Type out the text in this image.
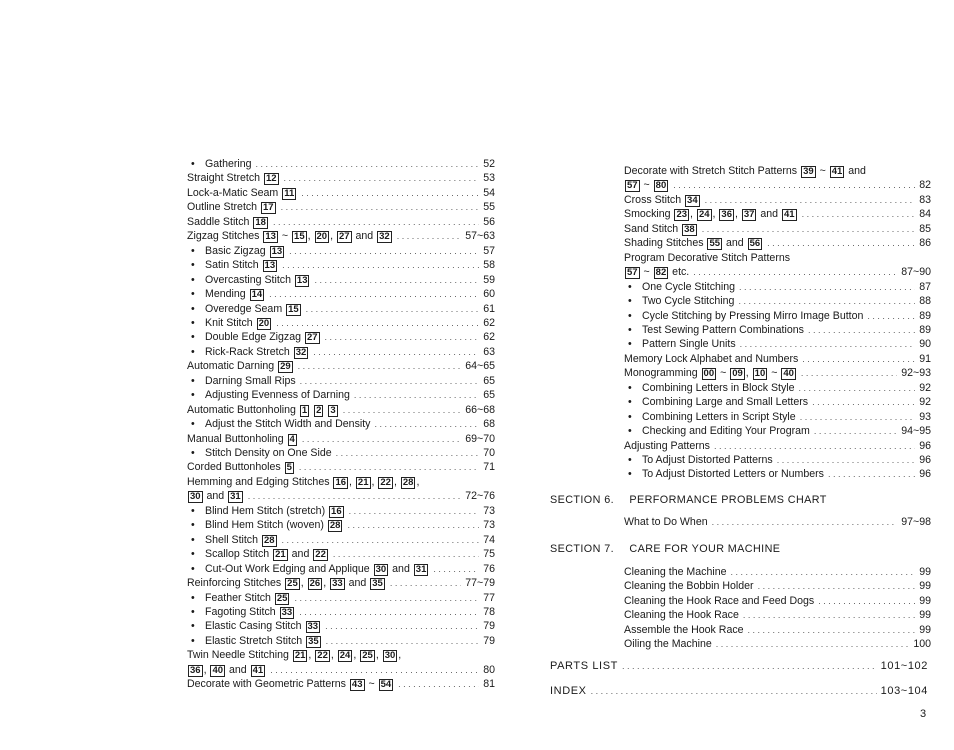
• Gathering . . .	52
Straight Stretch 12 . . .	53
Lock-a-Matic Seam 11 . . .	54
Outline Stretch 17 . . .	55
Saddle Stitch 18 . . .	56
Zigzag Stitches 13 ~ 15 , 20 , 27 and 32 . . .	57~63
• Basic Zigzag 13 . . .	57
• Satin Stitch 13 . . .	58
• Overcasting Stitch 13 . . .	59
• Mending 14 . . .	60
• Overedge Seam 15 . . .	61
• Knit Stitch 20 . . .	62
• Double Edge Zigzag 27 . . .	62
• Rick-Rack Stretch 32 . . .	63
Automatic Darning 29 . . .	64~65
• Darning Small Rips . . .	65
• Adjusting Evenness of Darning . . .	65
Automatic Buttonholing 1 2 3 . . .	66~68
• Adjust the Stitch Width and Density . . .	68
Manual Buttonholing 4 . . .	69~70
• Stitch Density on One Side . . .	70
Corded Buttonholes 5 . . .	71
Hemming and Edging Stitches 16 , 21 , 22 , 28 ,
30 and 31 . . .	72~76
• Blind Hem Stitch (stretch) 16 . . .	73
• Blind Hem Stitch (woven) 28 . . .	73
• Shell Stitch 28 . . .	74
• Scallop Stitch 21 and 22 . . .	75
• Cut-Out Work Edging and Applique 30 and 31 . . .	76
Reinforcing Stitches 25 , 26 , 33 and 35 . . .	77~79
• Feather Stitch 25 . . .	77
• Fagoting Stitch 33 . . .	78
• Elastic Casing Stitch 33 . . .	79
• Elastic Stretch Stitch 35 . . .	79
Twin Needle Stitching 21 , 22 , 24 , 25 , 30 ,
36 , 40 and 41 . . .	80
Decorate with Geometric Patterns 43 ~ 54 . . .	81
Decorate with Stretch Stitch Patterns 39 ~ 41 and
57 ~ 80 . . .	82
Cross Stitch 34 . . .	83
Smocking 23 , 24 , 36 , 37 and 41 . . .	84
Sand Stitch 38 . . .	85
Shading Stitches 55 and 56 . . .	86
Program Decorative Stitch Patterns
57 ~ 82 etc. . . .	87~90
• One Cycle Stitching . . .	87
• Two Cycle Stitching . . .	88
• Cycle Stitching by Pressing Mirro Image Button . . .	89
• Test Sewing Pattern Combinations . . .	89
• Pattern Single Units . . .	90
Memory Lock Alphabet and Numbers . . .	91
Monogramming 00 ~ 09 , 10 ~ 40 . . .	92~93
• Combining Letters in Block Style . . .	92
• Combining Large and Small Letters . . .	92
• Combining Letters in Script Style . . .	93
• Checking and Editing Your Program . . .	94~95
Adjusting Patterns . . .	96
• To Adjust Distorted Patterns . . .	96
• To Adjust Distorted Letters or Numbers . . .	96
SECTION 6. PERFORMANCE PROBLEMS CHART
What to Do When . . .	97~98
SECTION 7. CARE FOR YOUR MACHINE
Cleaning the Machine . . .	99
Cleaning the Bobbin Holder . . .	99
Cleaning the Hook Race and Feed Dogs . . .	99
Cleaning the Hook Race . . .	99
Assemble the Hook Race . . .	99
Oiling the Machine . . .	100
PARTS LIST . . .	101~102
INDEX . . .	103~104
3
